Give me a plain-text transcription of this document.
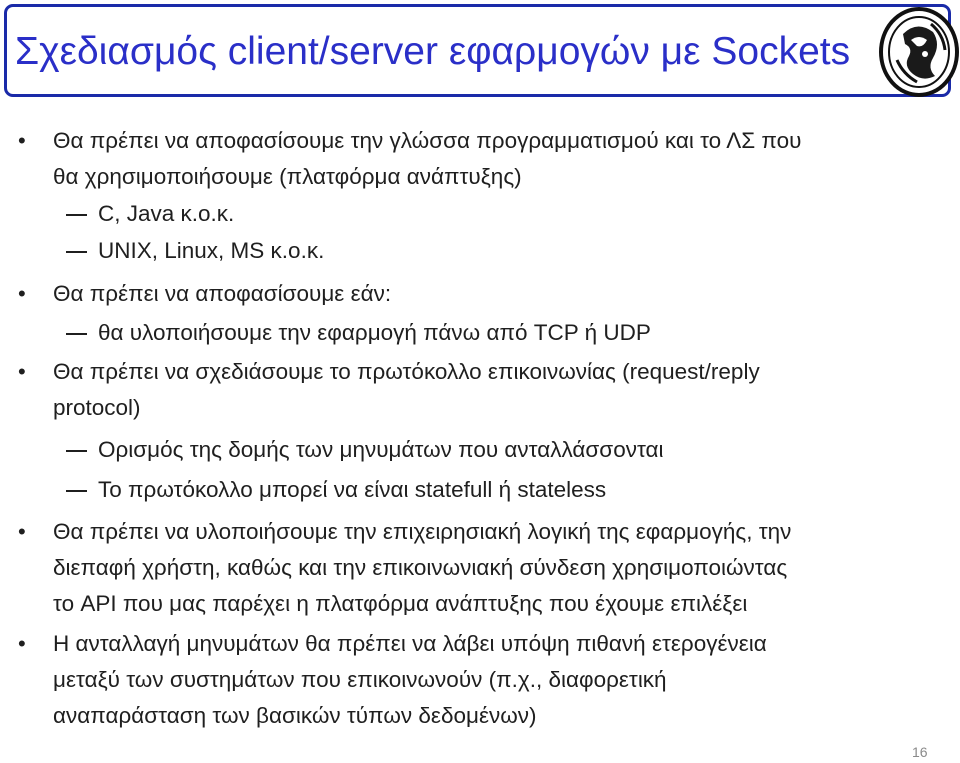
Σχεδιασμός client/server εφαρμογών με Sockets
• Θα πρέπει να αποφασίσουμε την γλώσσα προγραμματισμού και το ΛΣ που
θα χρησιμοποιήσουμε (πλατφόρμα ανάπτυξης)
C, Java κ.ο.κ.
UNIX, Linux, MS κ.ο.κ.
• Θα πρέπει να αποφασίσουμε εάν:
θα υλοποιήσουμε την εφαρμογή πάνω από TCP ή UDP
• Θα πρέπει να σχεδιάσουμε το πρωτόκολλο επικοινωνίας (request/reply
protocol)
Ορισμός της δομής των μηνυμάτων που ανταλλάσσονται
Το πρωτόκολλο μπορεί να είναι statefull ή stateless
• Θα πρέπει να υλοποιήσουμε την επιχειρησιακή λογική της εφαρμογής, την
διεπαφή χρήστη, καθώς και την επικοινωνιακή σύνδεση χρησιμοποιώντας
το API που μας παρέχει η πλατφόρμα ανάπτυξης που έχουμε επιλέξει
• Η ανταλλαγή μηνυμάτων θα πρέπει να λάβει υπόψη πιθανή ετερογένεια
μεταξύ των συστημάτων που επικοινωνούν (π.χ., διαφορετική
αναπαράσταση των βασικών τύπων δεδομένων)
16
